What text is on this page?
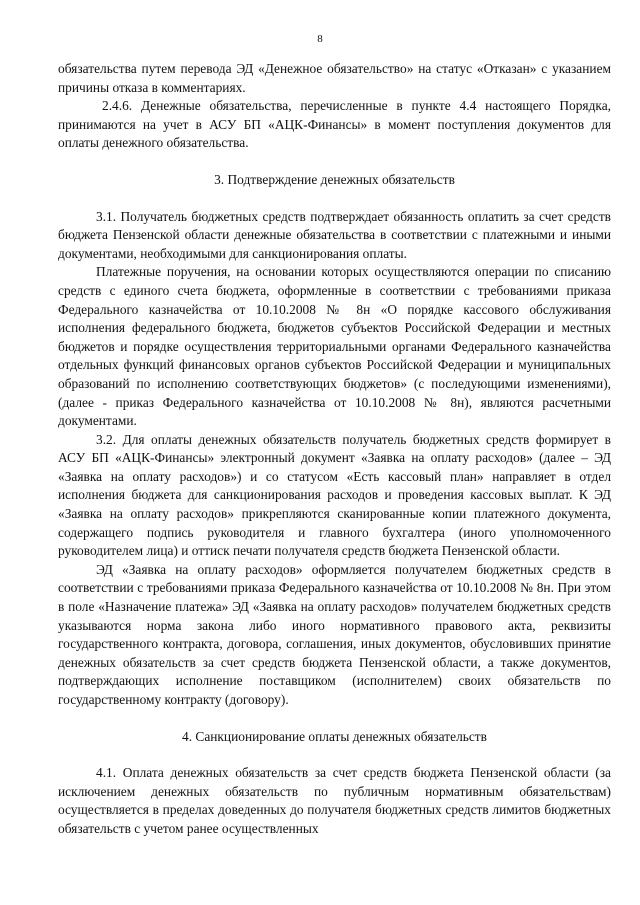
8

обязательства путем перевода ЭД «Денежное обязательство» на статус «Отказан» с указанием причины отказа в комментариях.

2.4.6. Денежные обязательства, перечисленные в пункте 4.4 настоящего Порядка, принимаются на учет в АСУ БП «АЦК-Финансы» в момент поступления документов для оплаты денежного обязательства.

3. Подтверждение денежных обязательств

3.1. Получатель бюджетных средств подтверждает обязанность оплатить за счет средств бюджета Пензенской области денежные обязательства в соответствии с платежными и иными документами, необходимыми для санкционирования оплаты.

Платежные поручения, на основании которых осуществляются операции по списанию средств с единого счета бюджета, оформленные в соответствии с требованиями приказа Федерального казначейства от 10.10.2008 № 8н «О порядке кассового обслуживания исполнения федерального бюджета, бюджетов субъектов Российской Федерации и местных бюджетов и порядке осуществления территориальными органами Федерального казначейства отдельных функций финансовых органов субъектов Российской Федерации и муниципальных образований по исполнению соответствующих бюджетов» (с последующими изменениями), (далее - приказ Федерального казначейства от 10.10.2008 № 8н), являются расчетными документами.

3.2. Для оплаты денежных обязательств получатель бюджетных средств формирует в АСУ БП «АЦК-Финансы» электронный документ «Заявка на оплату расходов» (далее – ЭД «Заявка на оплату расходов») и со статусом «Есть кассовый план» направляет в отдел исполнения бюджета для санкционирования расходов и проведения кассовых выплат. К ЭД «Заявка на оплату расходов» прикрепляются сканированные копии платежного документа, содержащего подпись руководителя и главного бухгалтера (иного уполномоченного руководителем лица) и оттиск печати получателя средств бюджета Пензенской области.

ЭД «Заявка на оплату расходов» оформляется получателем бюджетных средств в соответствии с требованиями приказа Федерального казначейства от 10.10.2008 № 8н. При этом в поле «Назначение платежа» ЭД «Заявка на оплату расходов» получателем бюджетных средств указываются норма закона либо иного нормативного правового акта, реквизиты государственного контракта, договора, соглашения, иных документов, обусловивших принятие денежных обязательств за счет средств бюджета Пензенской области, а также документов, подтверждающих исполнение поставщиком (исполнителем) своих обязательств по государственному контракту (договору).

4. Санкционирование оплаты денежных обязательств

4.1. Оплата денежных обязательств за счет средств бюджета Пензенской области (за исключением денежных обязательств по публичным нормативным обязательствам) осуществляется в пределах доведенных до получателя бюджетных средств лимитов бюджетных обязательств с учетом ранее осуществленных
